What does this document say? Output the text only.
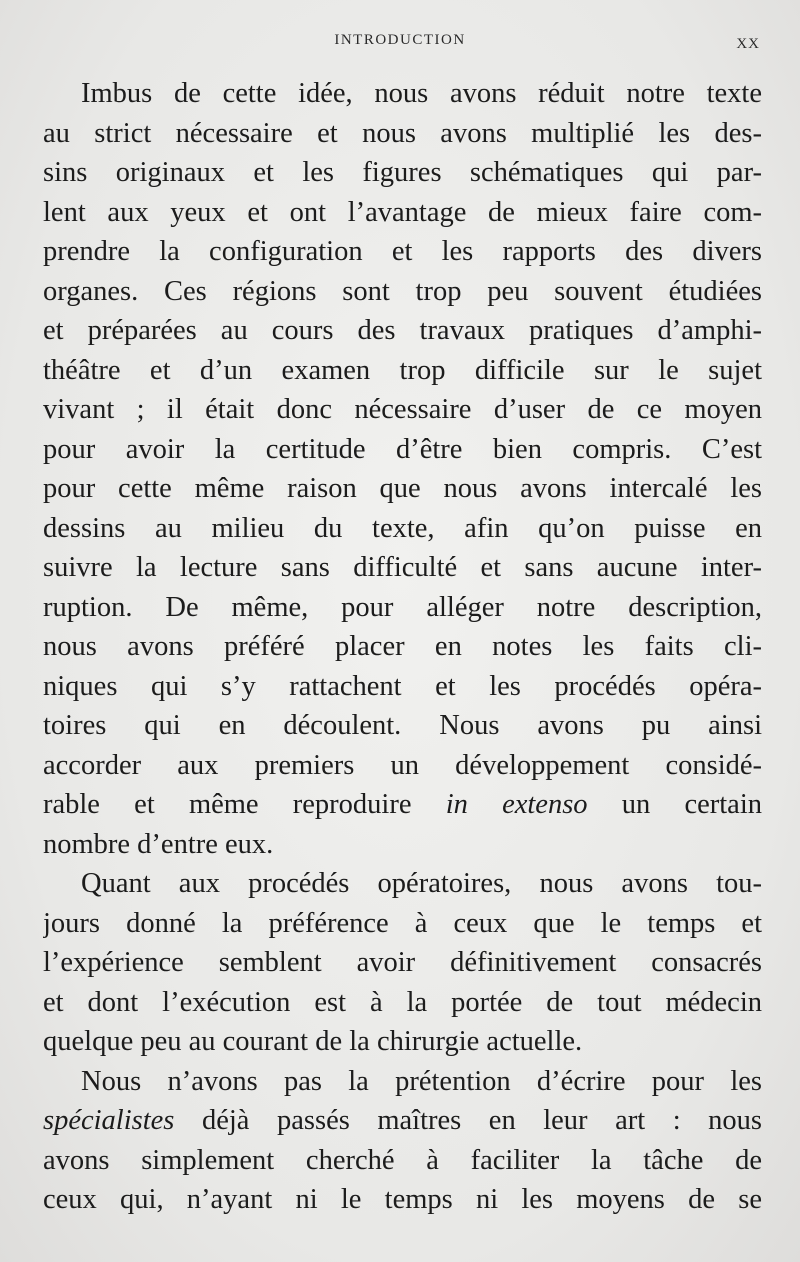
INTRODUCTION	XX
Imbus de cette idée, nous avons réduit notre texte
au strict nécessaire et nous avons multiplié les des-
sins originaux et les figures schématiques qui par-
lent aux yeux et ont l’avantage de mieux faire com-
prendre la configuration et les rapports des divers
organes. Ces régions sont trop peu souvent étudiées
et préparées au cours des travaux pratiques d’amphi-
théâtre et d’un examen trop difficile sur le sujet
vivant ; il était donc nécessaire d’user de ce moyen
pour avoir la certitude d’être bien compris. C’est
pour cette même raison que nous avons intercalé les
dessins au milieu du texte, afin qu’on puisse en
suivre la lecture sans difficulté et sans aucune inter-
ruption. De même, pour alléger notre description,
nous avons préféré placer en notes les faits cli-
niques qui s’y rattachent et les procédés opéra-
toires qui en découlent. Nous avons pu ainsi
accorder aux premiers un développement considé-
rable et même reproduire in extenso un certain
nombre d’entre eux.
Quant aux procédés opératoires, nous avons tou-
jours donné la préférence à ceux que le temps et
l’expérience semblent avoir définitivement consacrés
et dont l’exécution est à la portée de tout médecin
quelque peu au courant de la chirurgie actuelle.
Nous n’avons pas la prétention d’écrire pour les
spécialistes déjà passés maîtres en leur art : nous
avons simplement cherché à faciliter la tâche de
ceux qui, n’ayant ni le temps ni les moyens de se
